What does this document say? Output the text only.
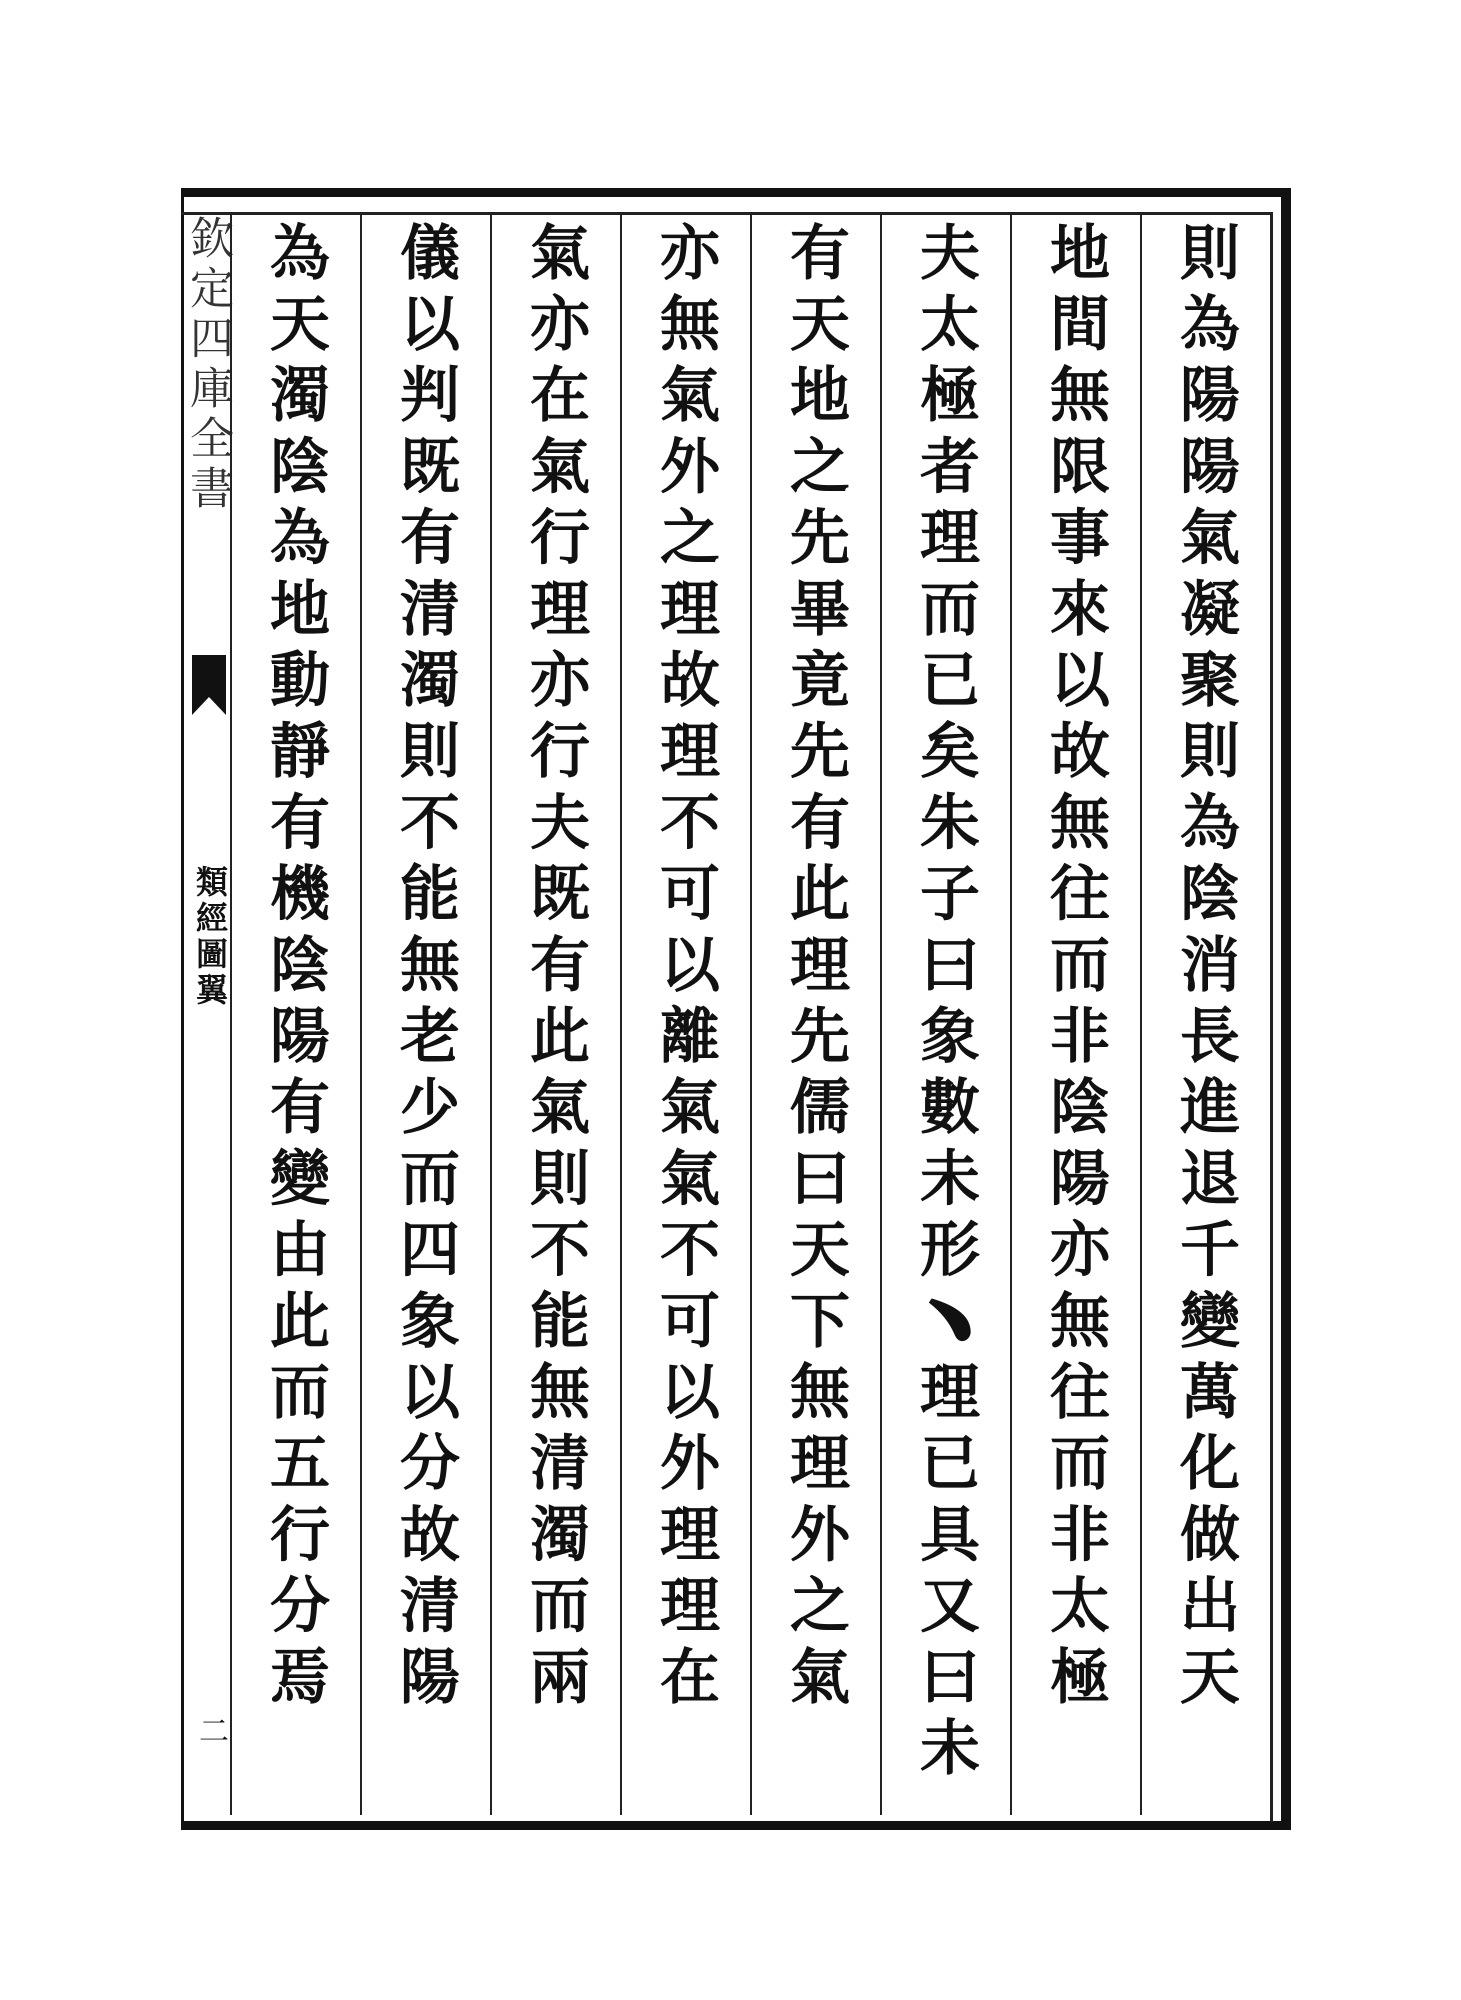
欽定四庫全書
類經圖翼
二
則為陽陽氣凝聚則為陰消長進退千變萬化做出天
地間無限事來以故無往而非陰陽亦無往而非太極
夫太極者理而已矣朱子曰象數未形﹅理已具又曰未
有天地之先畢竟先有此理先儒曰天下無理外之氣
亦無氣外之理故理不可以離氣氣不可以外理理在
氣亦在氣行理亦行夫既有此氣則不能無清濁而兩
儀以判既有清濁則不能無老少而四象以分故清陽
為天濁陰為地動靜有機陰陽有變由此而五行分焉
